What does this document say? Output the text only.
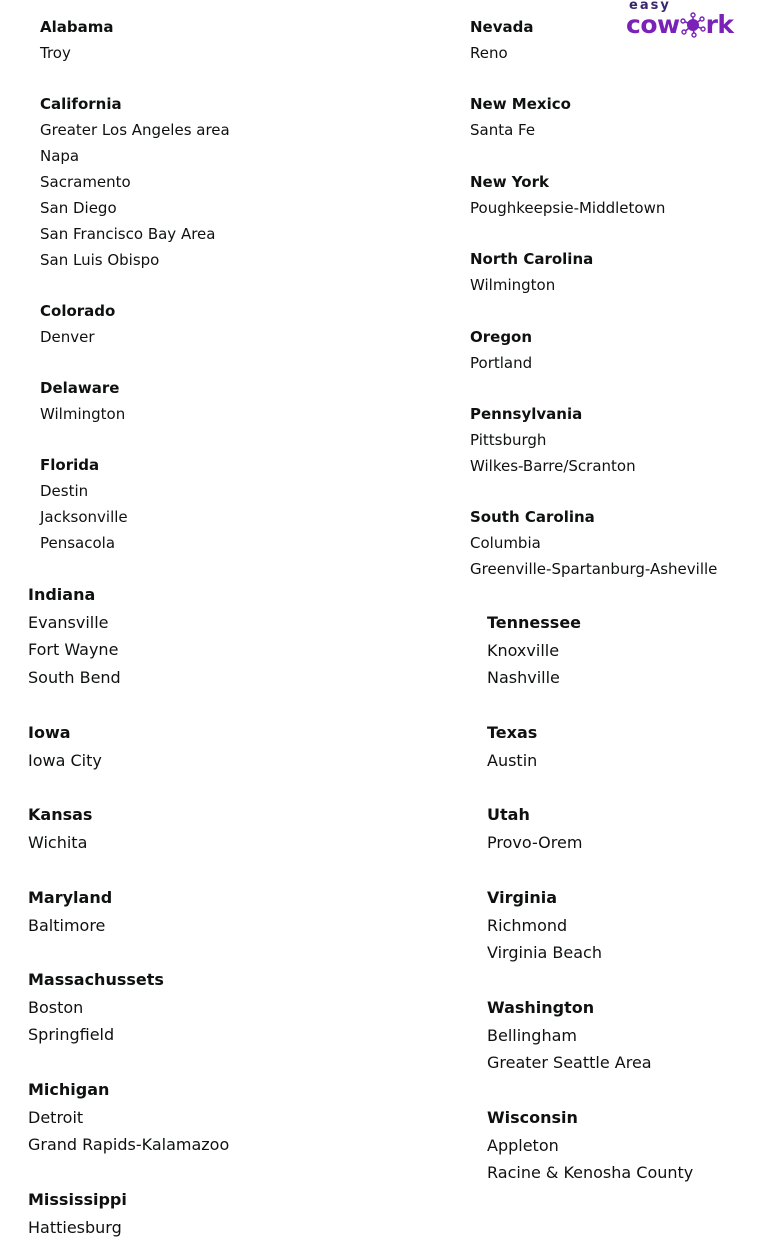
Alabama
Troy
California
Greater Los Angeles area
Napa
Sacramento
San Diego
San Francisco Bay Area
San Luis Obispo
Colorado
Denver
Delaware
Wilmington
Florida
Destin
Jacksonville
Pensacola
Nevada
Reno
New Mexico
Santa Fe
New York
Poughkeepsie-Middletown
North Carolina
Wilmington
Oregon
Portland
Pennsylvania
Pittsburgh
Wilkes-Barre/Scranton
South Carolina
Columbia
Greenville-Spartanburg-Asheville
Indiana
Evansville
Fort Wayne
South Bend
Iowa
Iowa City
Kansas
Wichita
Maryland
Baltimore
Massachussets
Boston
Springfield
Michigan
Detroit
Grand Rapids-Kalamazoo
Mississippi
Hattiesburg
Tennessee
Knoxville
Nashville
Texas
Austin
Utah
Provo-Orem
Virginia
Richmond
Virginia Beach
Washington
Bellingham
Greater Seattle Area
Wisconsin
Appleton
Racine & Kenosha County
easy
cow rk
